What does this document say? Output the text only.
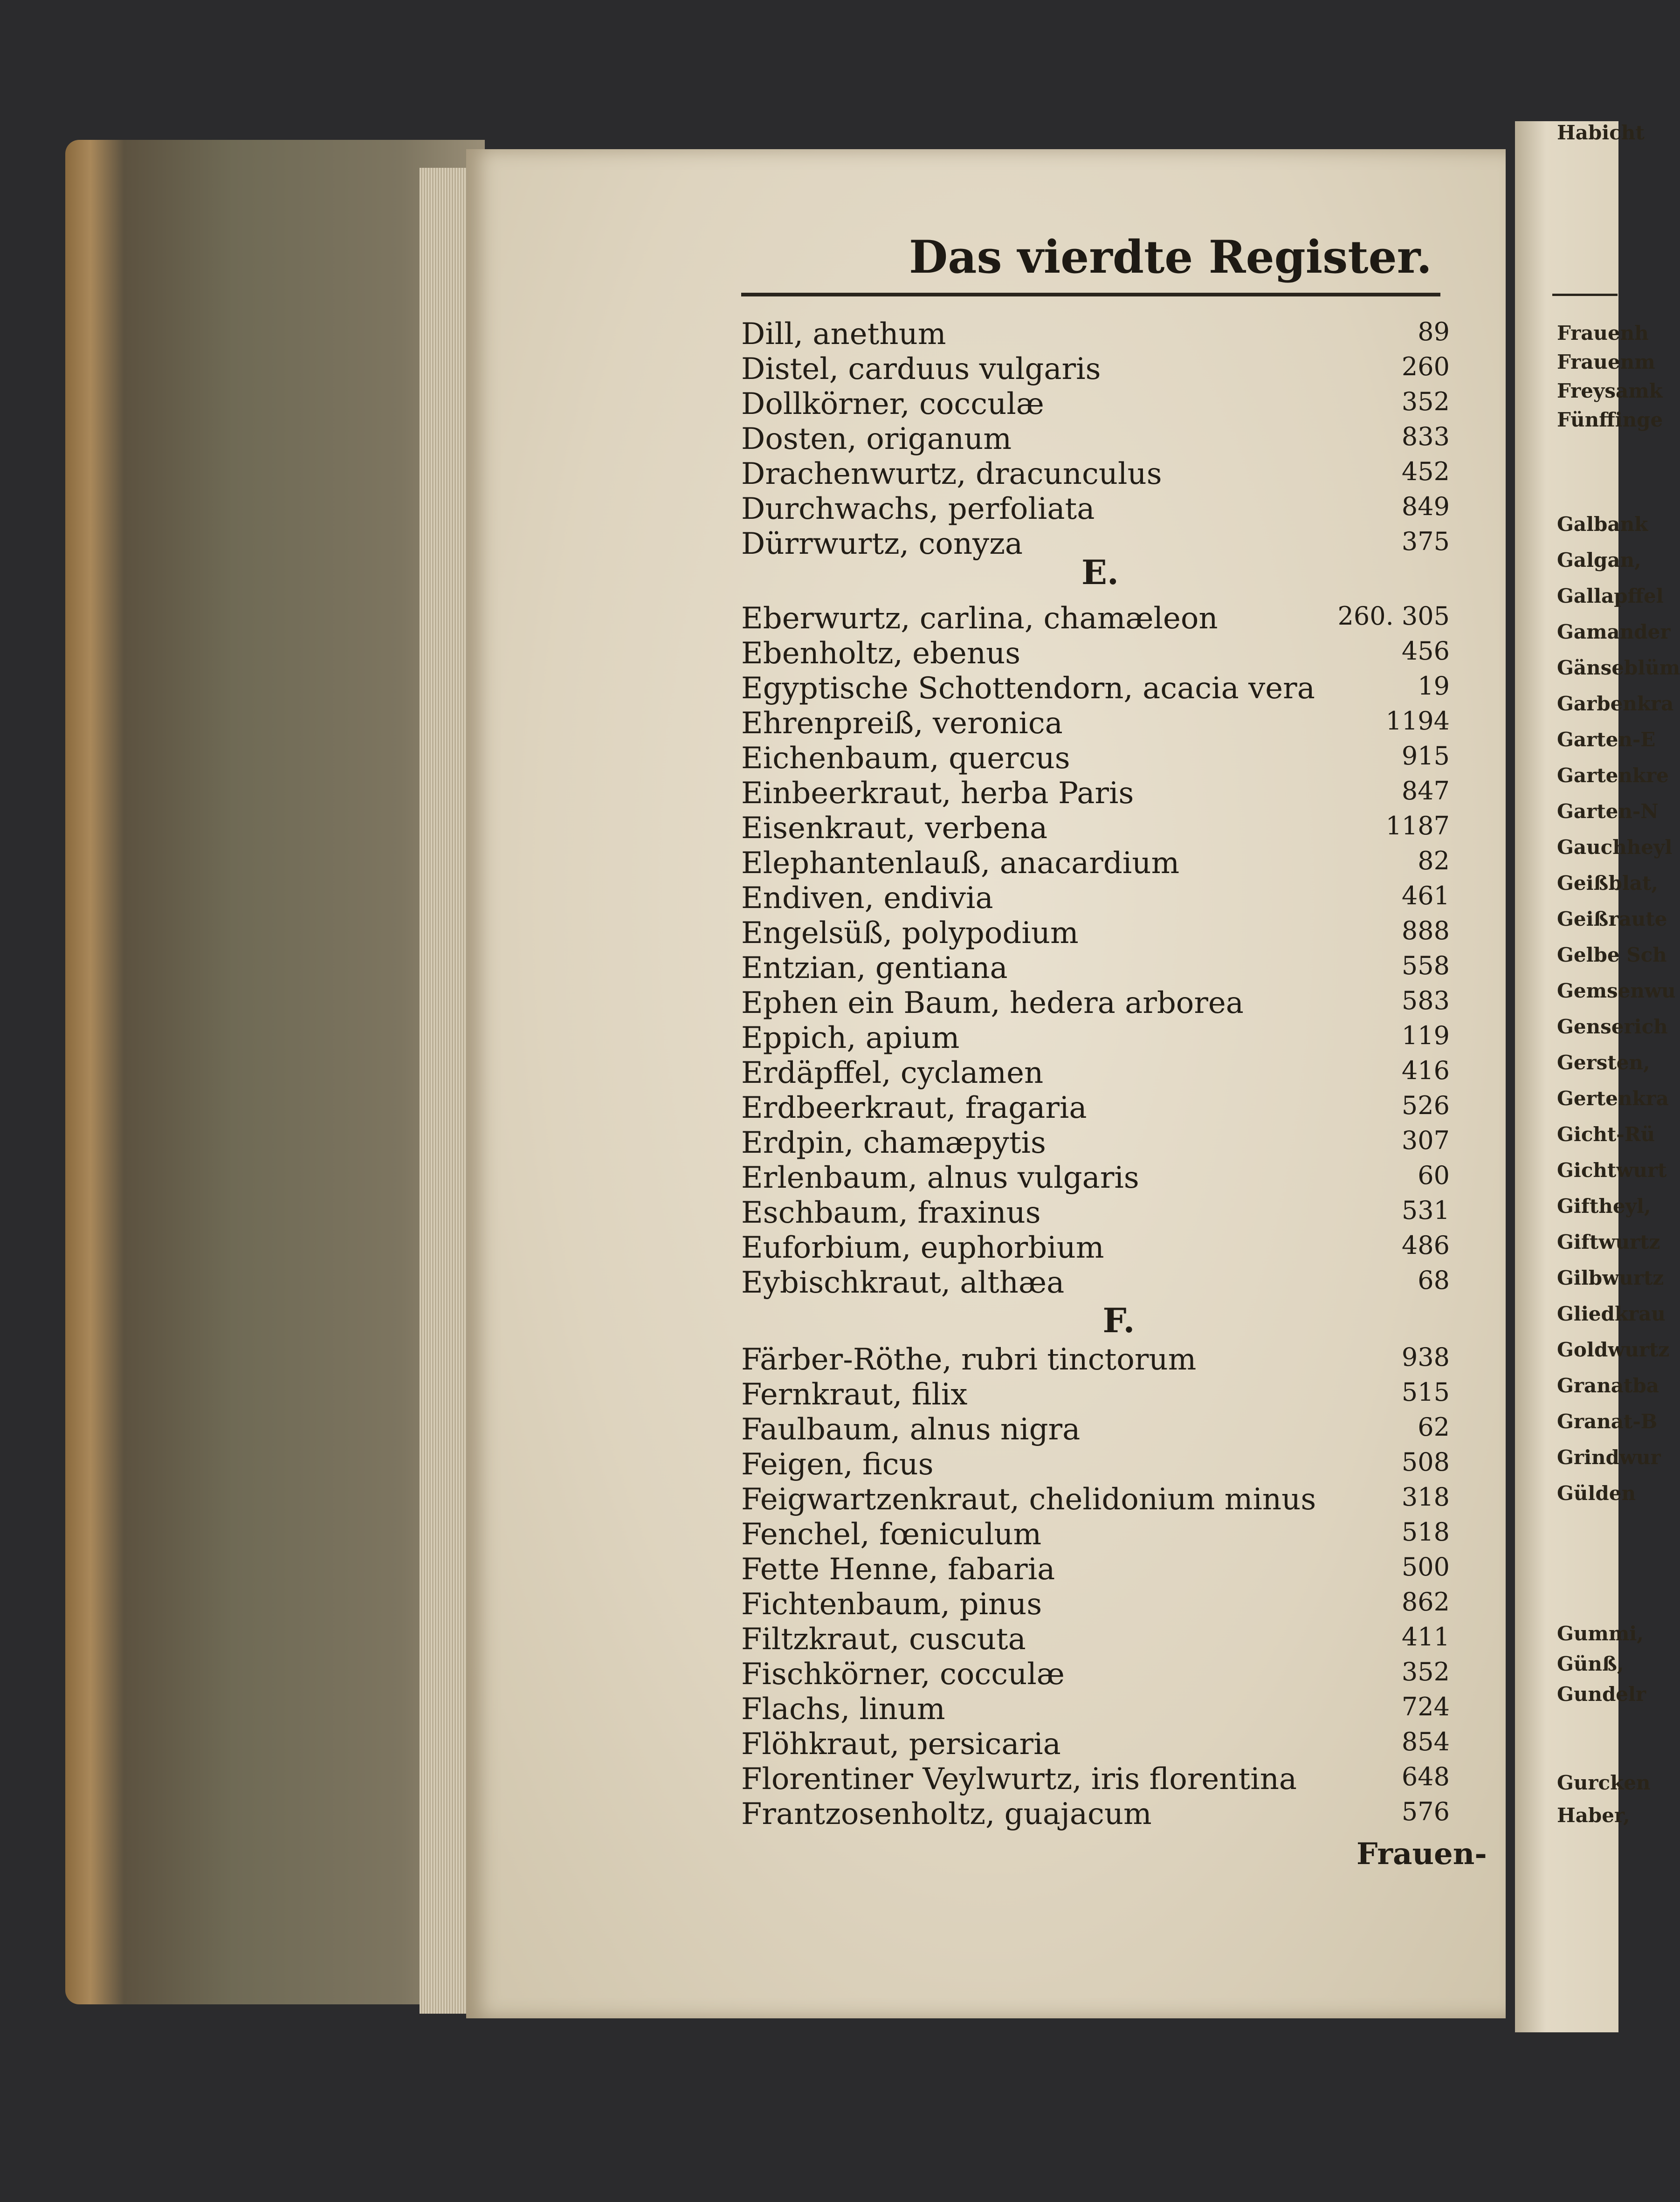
Das vierdte Register.
Dill, anethum	89
Distel, carduus vulgaris	260
Dollkörner, cocculæ	352
Dosten, origanum	833
Drachenwurtz, dracunculus	452
Durchwachs, perfoliata	849
Dürrwurtz, conyza	375
Eberwurtz, carlina, chamæleon	260. 305
Ebenholtz, ebenus	456
Egyptische Schottendorn, acacia vera	19
Ehrenpreiß, veronica	1194
Eichenbaum, quercus	915
Einbeerkraut, herba Paris	847
Eisenkraut, verbena	1187
Elephantenlauß, anacardium	82
Endiven, endivia	461
Engelsüß, polypodium	888
Entzian, gentiana	558
Ephen ein Baum, hedera arborea	583
Eppich, apium	119
Erdäpffel, cyclamen	416
Erdbeerkraut, fragaria	526
Erdpin, chamæpytis	307
Erlenbaum, alnus vulgaris	60
Eschbaum, fraxinus	531
Euforbium, euphorbium	486
Eybischkraut, althæa	68
Färber-Röthe, rubri tinctorum	938
Fernkraut, filix	515
Faulbaum, alnus nigra	62
Feigen, ficus	508
Feigwartzenkraut, chelidonium minus	318
Fenchel, fœniculum	518
Fette Henne, fabaria	500
Fichtenbaum, pinus	862
Filtzkraut, cuscuta	411
Fischkörner, cocculæ	352
Flachs, linum	724
Flöhkraut, persicaria	854
Florentiner Veylwurtz, iris florentina	648
Frantzosenholtz, guajacum	576
E.
F.
Frauen-
Frauenh
Frauenm
Freysamk
Fünffinge
Galbank
Galgan,
Gallapffel
Gamander
Gänseblüm
Garbenkra
Garten-E
Gartenkre
Garten-N
Gauchheyl
Geißblat,
Geißraute
Gelbe Sch
Gemsenwu
Genserich
Gersten,
Gertenkra
Gicht-Rü
Gichtwurt
Giftheyl,
Giftwurtz
Gilbwurtz
Gliedkrau
Goldwurtz
Granatba
Granat-B
Grindwur
Gülden
Gummi,
Günß,
Gundelr
Gurcken
Haber,
Habicht
